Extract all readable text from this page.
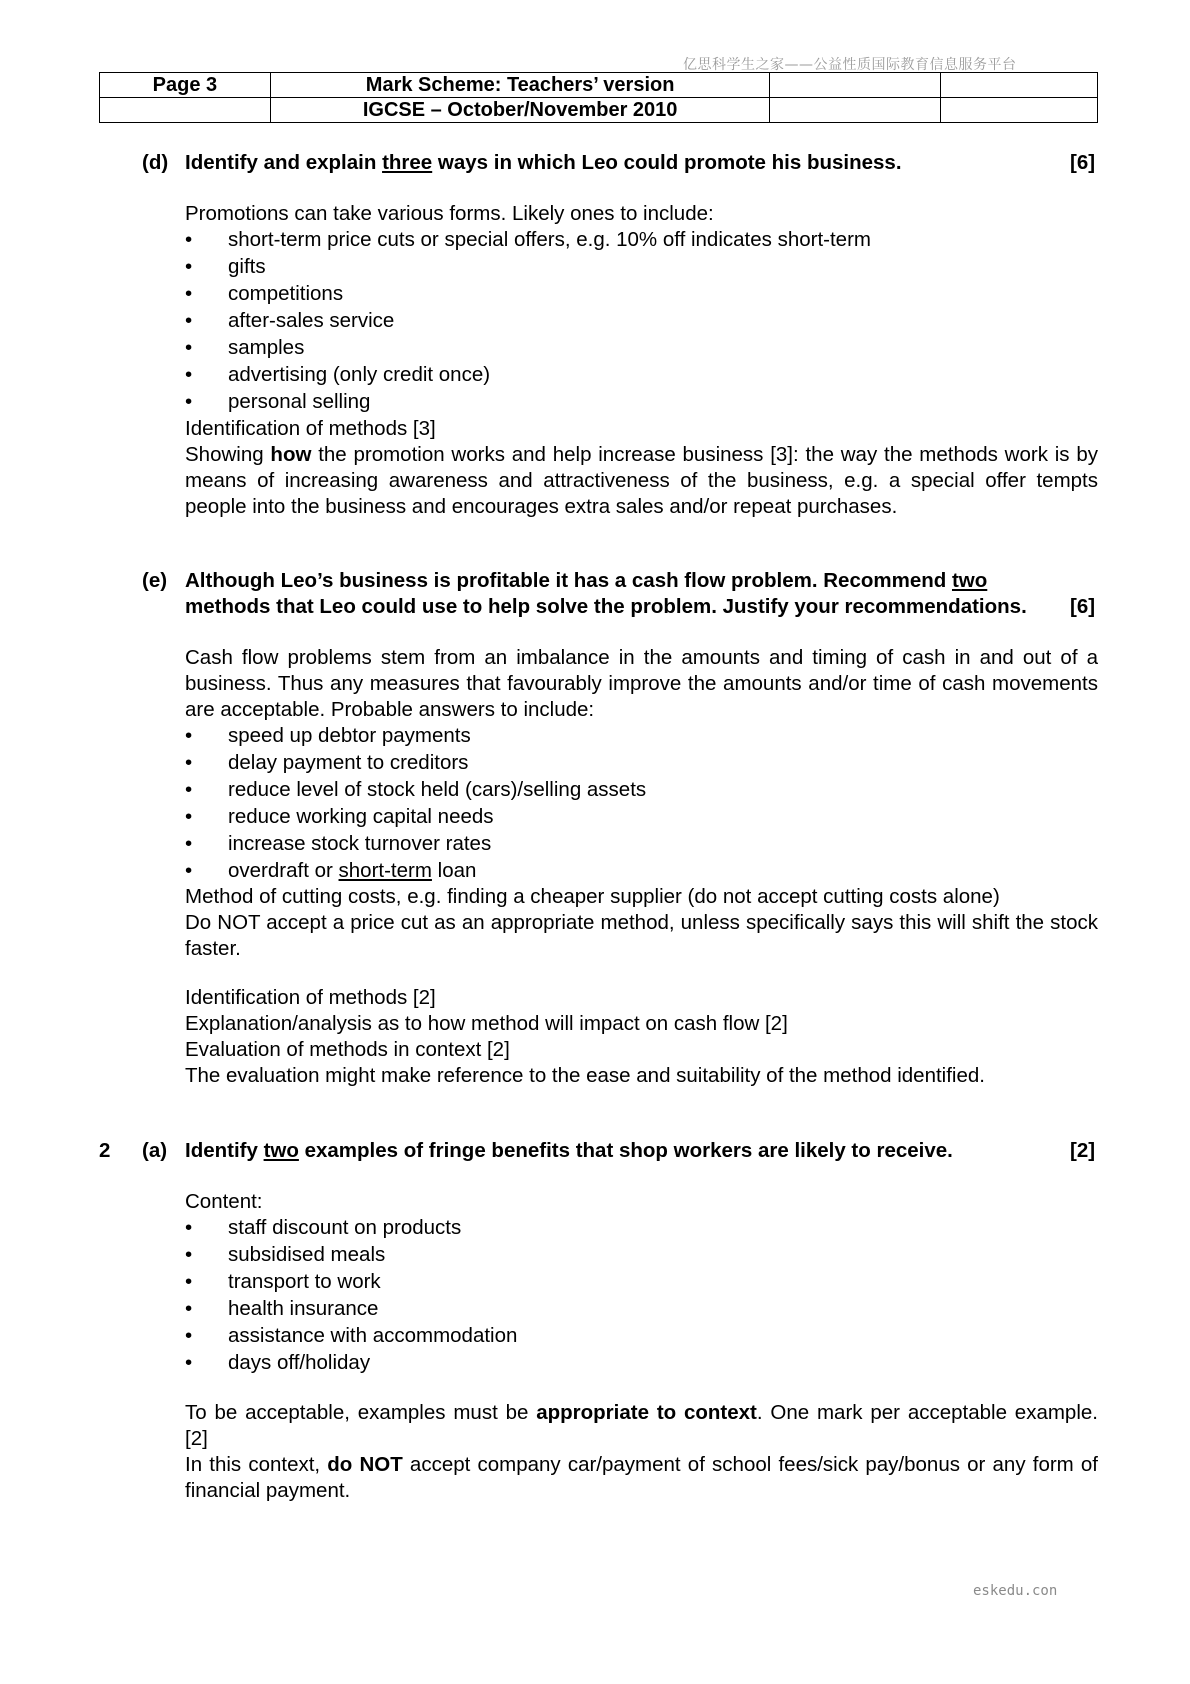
亿思科学生之家——公益性质国际教育信息服务平台
Page 3	Mark Scheme: Teachers’ version		
	IGCSE – October/November 2010		
(d) Identify and explain three ways in which Leo could promote his business.	[6]
Promotions can take various forms. Likely ones to include:
• short-term price cuts or special offers, e.g. 10% off indicates short-term
• gifts
• competitions
• after-sales service
• samples
• advertising (only credit once)
• personal selling
Identification of methods [3]
Showing how the promotion works and help increase business [3]: the way the methods work is by means of increasing awareness and attractiveness of the business, e.g. a special offer tempts people into the business and encourages extra sales and/or repeat purchases.
(e) Although Leo’s business is profitable it has a cash flow problem. Recommend two
methods that Leo could use to help solve the problem. Justify your recommendations. [6]
Cash flow problems stem from an imbalance in the amounts and timing of cash in and out of a business. Thus any measures that favourably improve the amounts and/or time of cash movements are acceptable. Probable answers to include:
• speed up debtor payments
• delay payment to creditors
• reduce level of stock held (cars)/selling assets
• reduce working capital needs
• increase stock turnover rates
• overdraft or short-term loan
Method of cutting costs, e.g. finding a cheaper supplier (do not accept cutting costs alone)
Do NOT accept a price cut as an appropriate method, unless specifically says this will shift the stock faster.
Identification of methods [2]
Explanation/analysis as to how method will impact on cash flow [2]
Evaluation of methods in context [2]
The evaluation might make reference to the ease and suitability of the method identified.
2 (a) Identify two examples of fringe benefits that shop workers are likely to receive.	[2]
Content:
• staff discount on products
• subsidised meals
• transport to work
• health insurance
• assistance with accommodation
• days off/holiday
To be acceptable, examples must be appropriate to context. One mark per acceptable example. [2]
In this context, do NOT accept company car/payment of school fees/sick pay/bonus or any form of financial payment.
eskedu.con
